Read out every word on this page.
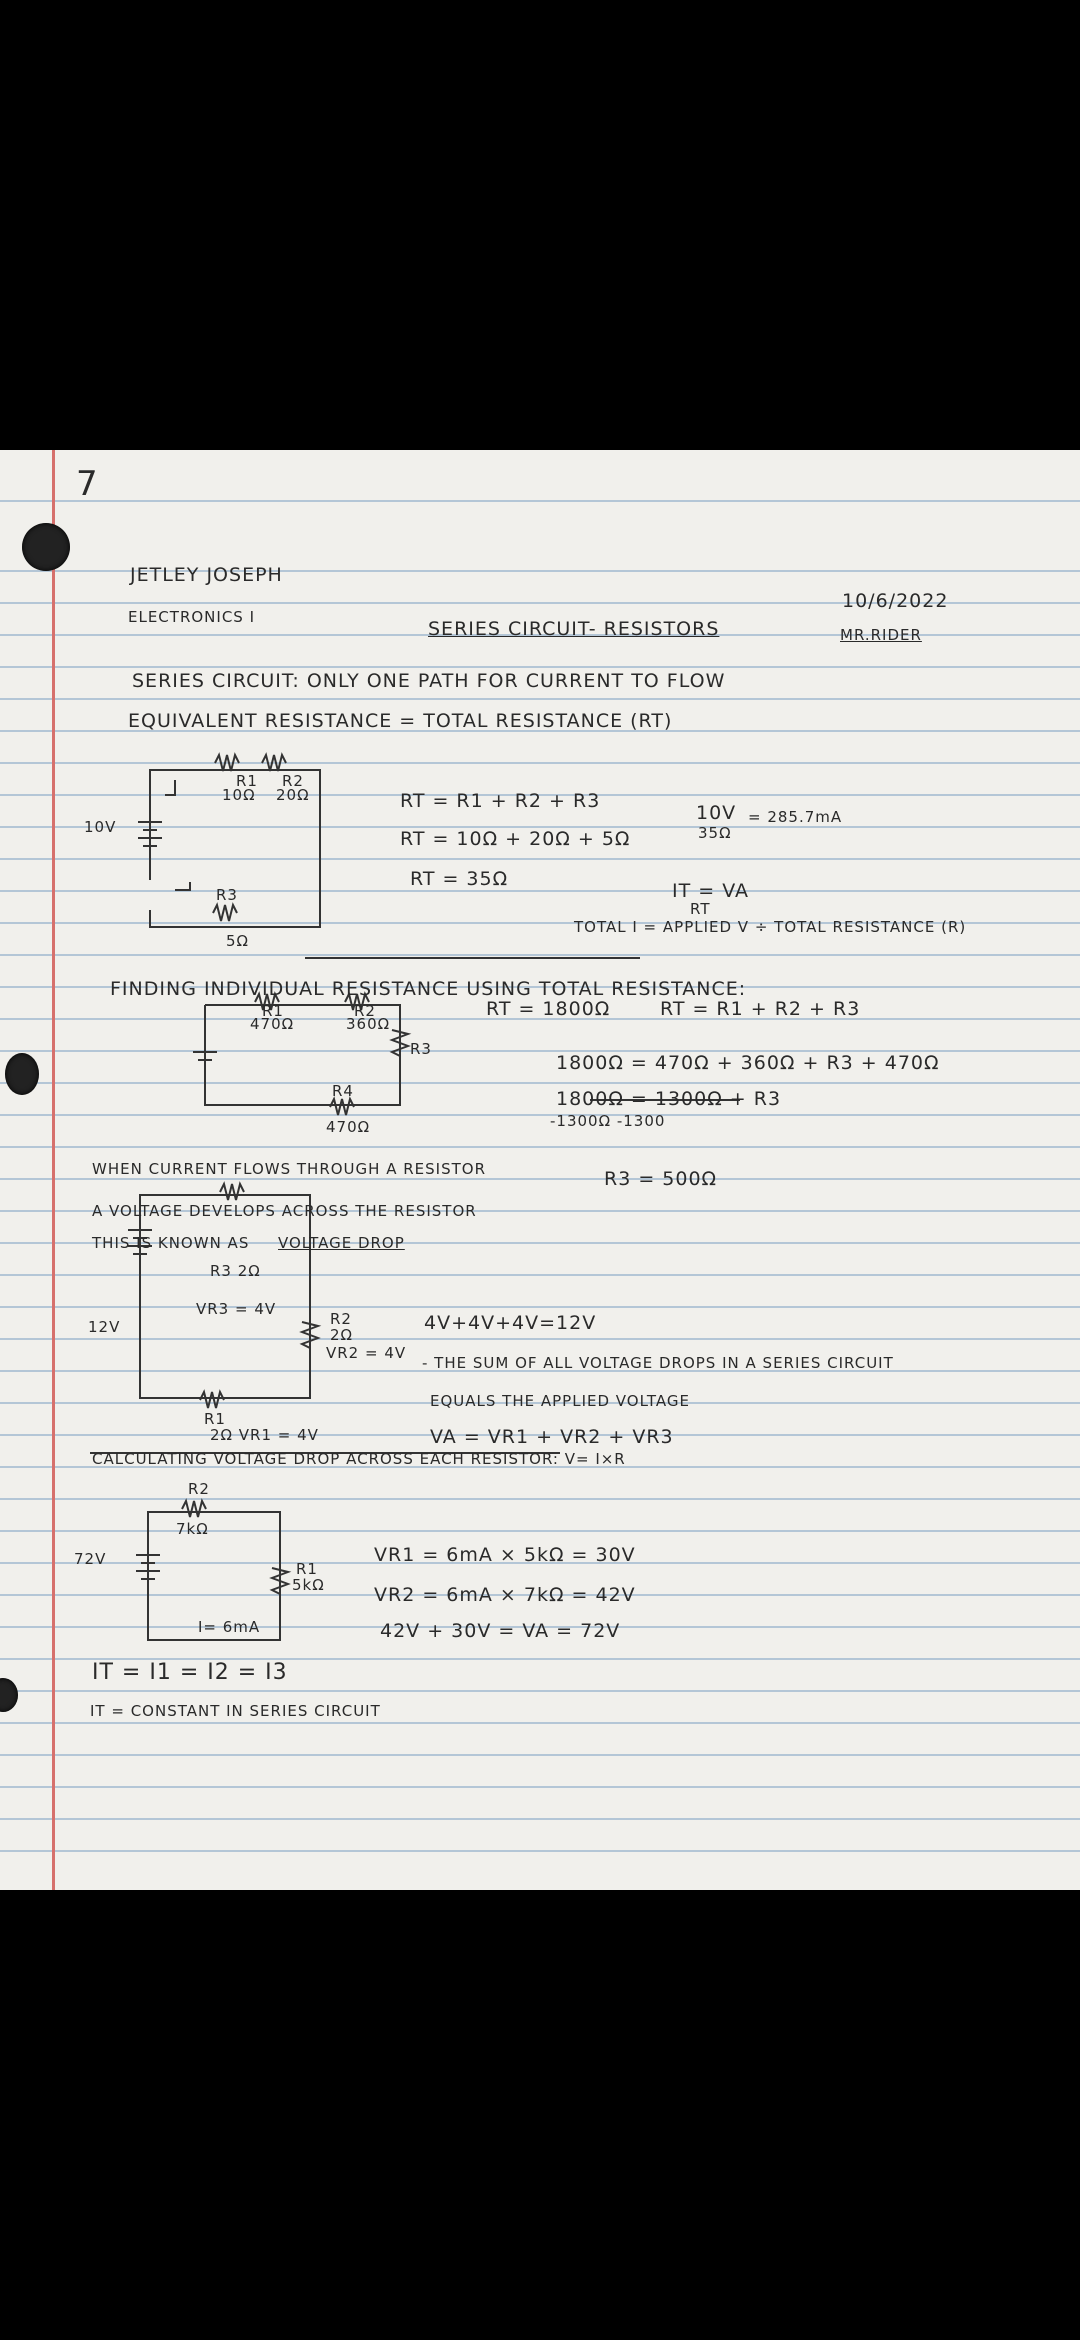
7
JETLEY JOSEPH
10/6/2022
ELECTRONICS I
SERIES CIRCUIT- RESISTORS	MR.RIDER
SERIES CIRCUIT: ONLY ONE PATH FOR CURRENT TO FLOW
EQUIVALENT RESISTANCE = TOTAL RESISTANCE (RT)
10V
R1
10Ω
R2
20Ω
R3
5Ω
RT = R1 + R2 + R3
RT = 10Ω + 20Ω + 5Ω
RT = 35Ω
10V
35Ω
= 285.7mA
IT = VA
RT
TOTAL I = APPLIED V ÷ TOTAL RESISTANCE (R)
FINDING INDIVIDUAL RESISTANCE USING TOTAL RESISTANCE:
R1
470Ω
R2
360Ω
R3
R4
470Ω
RT = 1800Ω	RT = R1 + R2 + R3
1800Ω = 470Ω + 360Ω + R3 + 470Ω
1800Ω = 1300Ω + R3
-1300Ω -1300
R3 = 500Ω
WHEN CURRENT FLOWS THROUGH A RESISTOR
A VOLTAGE DEVELOPS ACROSS THE RESISTOR
THIS IS KNOWN AS VOLTAGE DROP
R3 2Ω
VR3 = 4V
12V	R2
2Ω
VR2 = 4V
R1
2Ω VR1 = 4V
4V+4V+4V=12V
- THE SUM OF ALL VOLTAGE DROPS IN A SERIES CIRCUIT
EQUALS THE APPLIED VOLTAGE
VA = VR1 + VR2 + VR3
CALCULATING VOLTAGE DROP ACROSS EACH RESISTOR: V= I×R
R2
7kΩ
72V
R1
5kΩ
I= 6mA
VR1 = 6mA × 5kΩ = 30V
VR2 = 6mA × 7kΩ = 42V
42V + 30V = VA = 72V
IT = I1 = I2 = I3
IT = CONSTANT IN SERIES CIRCUIT
